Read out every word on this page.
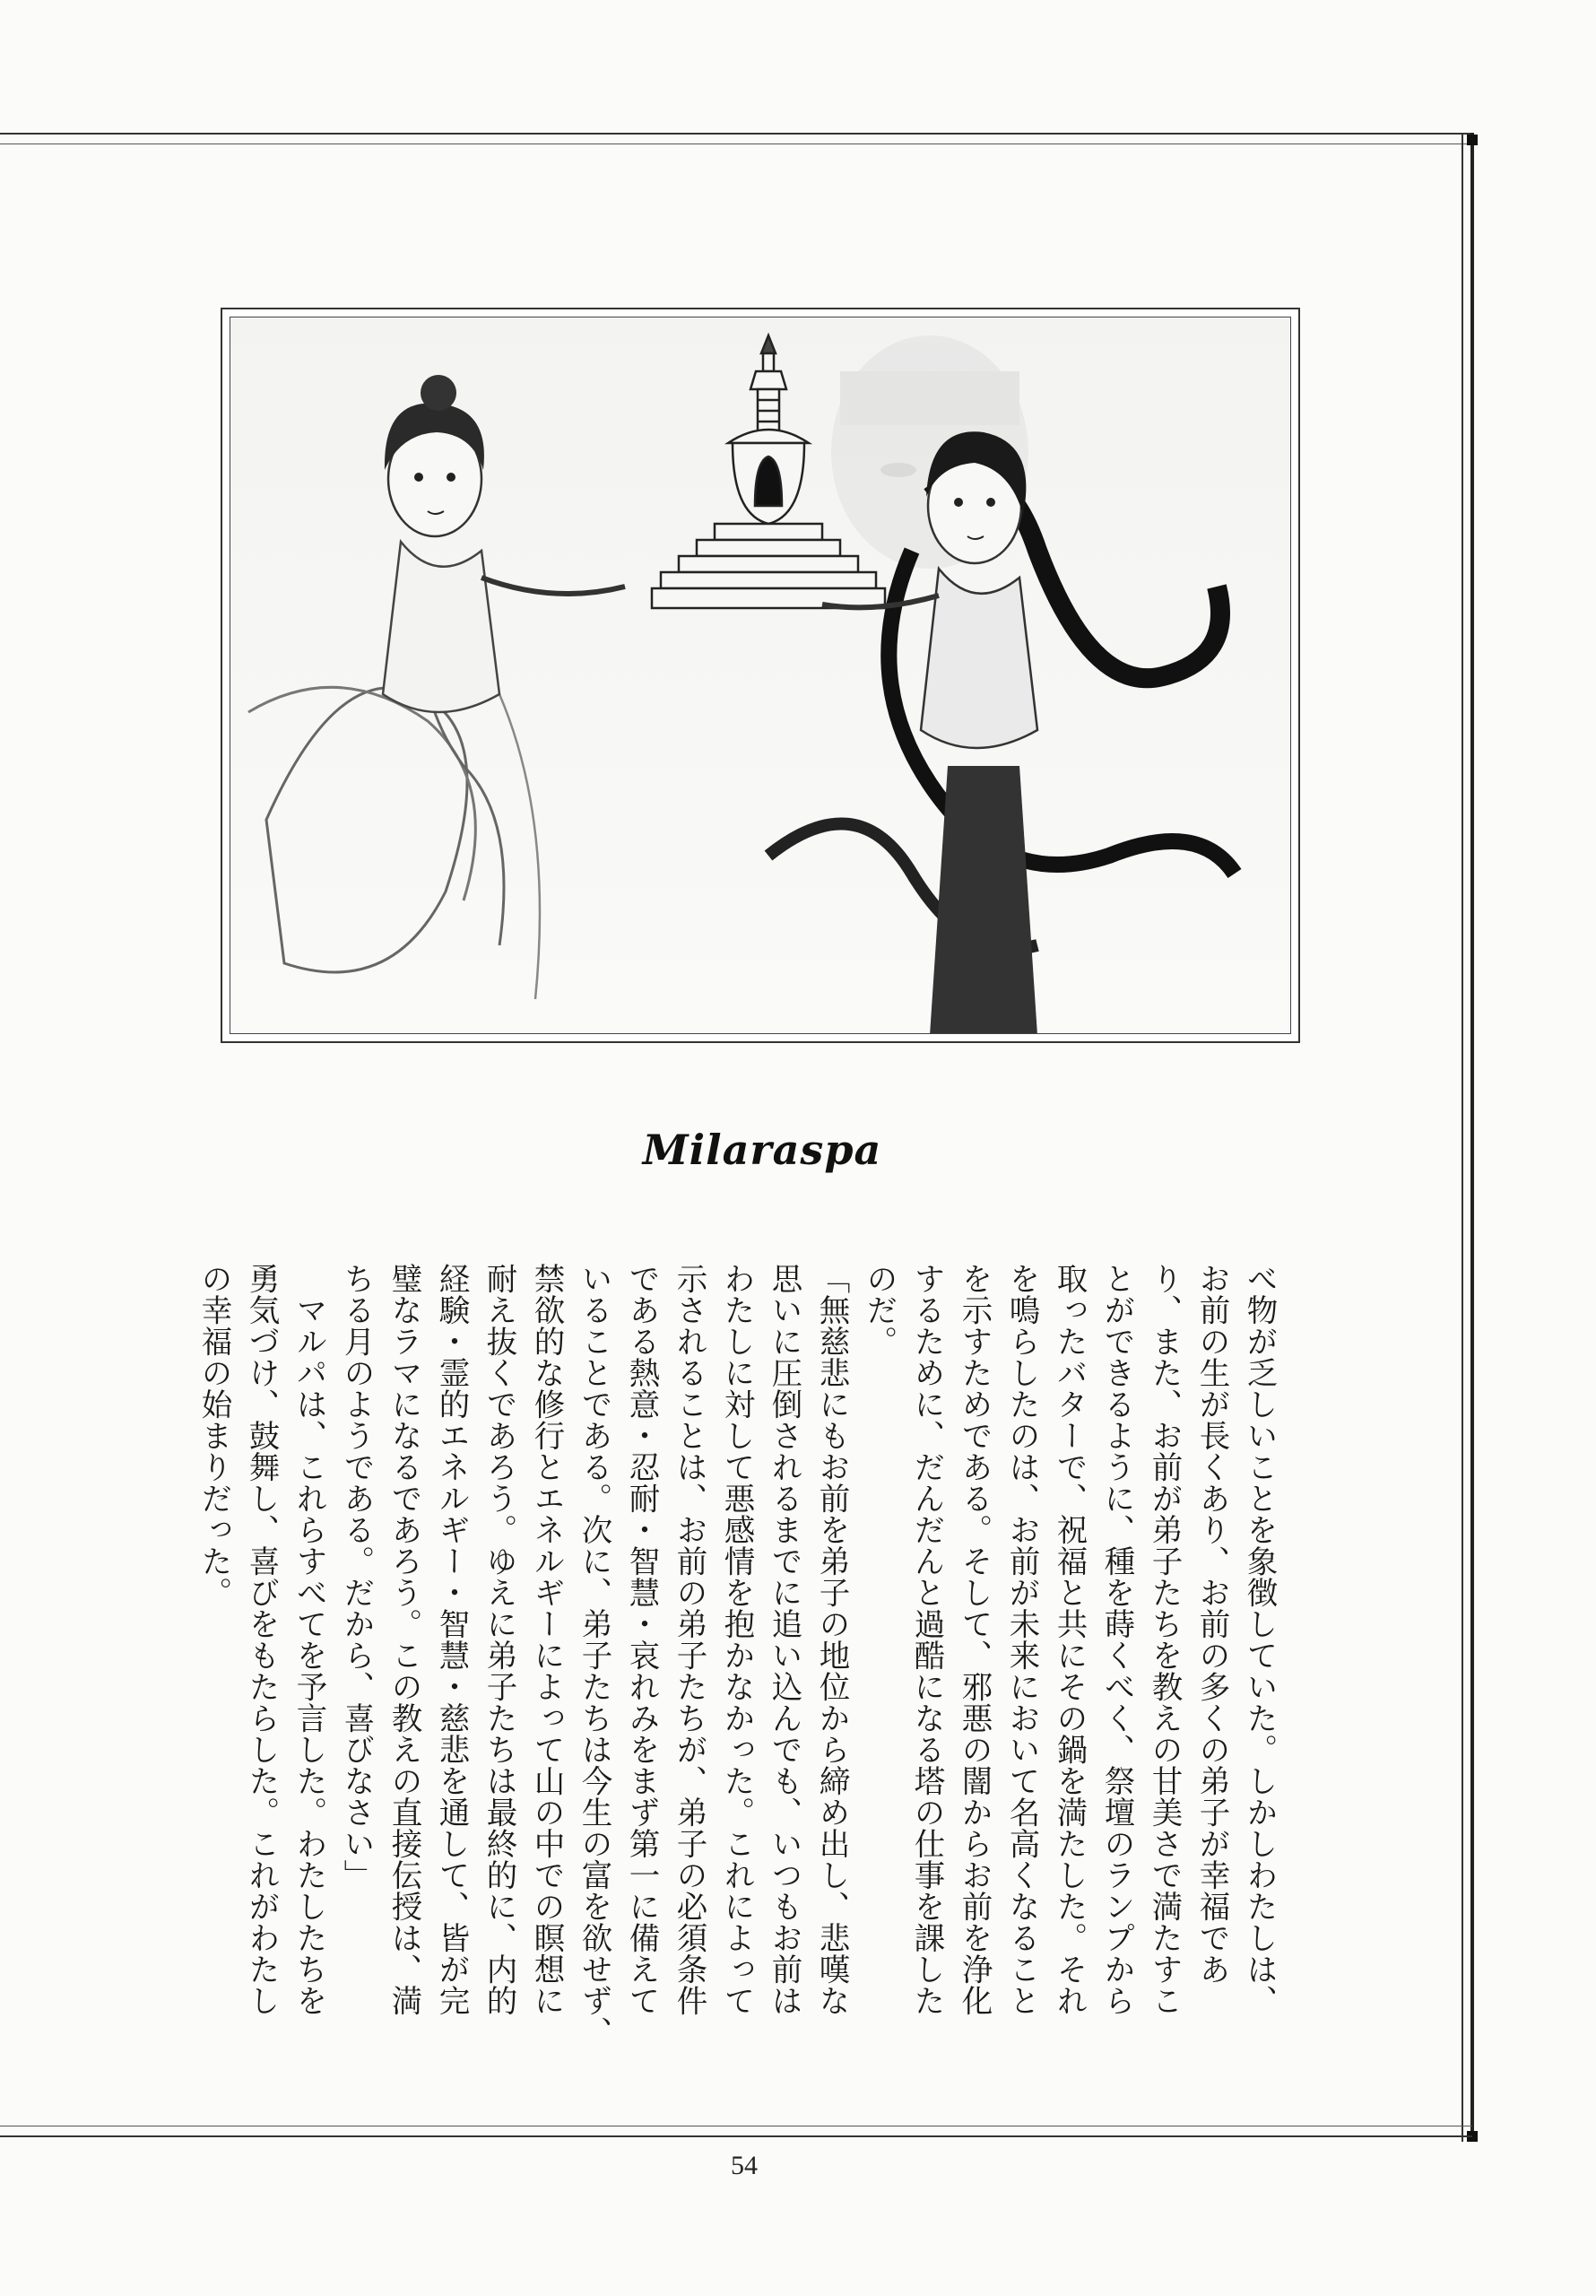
Milaraspa
べ物が乏しいことを象徴していた。しかしわたしは、
お前の生が長くあり、お前の多くの弟子が幸福であ
り、また、お前が弟子たちを教えの甘美さで満たすこ
とができるように、種を蒔くべく、祭壇のランプから
取ったバターで、祝福と共にその鍋を満たした。それ
を鳴らしたのは、お前が未来において名高くなること
を示すためである。そして、邪悪の闇からお前を浄化
するために、だんだんと過酷になる塔の仕事を課した
のだ。
「無慈悲にもお前を弟子の地位から締め出し、悲嘆な
思いに圧倒されるまでに追い込んでも、いつもお前は
わたしに対して悪感情を抱かなかった。これによって
示されることは、お前の弟子たちが、弟子の必須条件
である熱意・忍耐・智慧・哀れみをまず第一に備えて
いることである。次に、弟子たちは今生の富を欲せず、
禁欲的な修行とエネルギーによって山の中での瞑想に
耐え抜くであろう。ゆえに弟子たちは最終的に、内的
経験・霊的エネルギー・智慧・慈悲を通して、皆が完
璧なラマになるであろう。この教えの直接伝授は、満
ちる月のようである。だから、喜びなさい」
　マルパは、これらすべてを予言した。わたしたちを
勇気づけ、鼓舞し、喜びをもたらした。これがわたし
の幸福の始まりだった。
54
